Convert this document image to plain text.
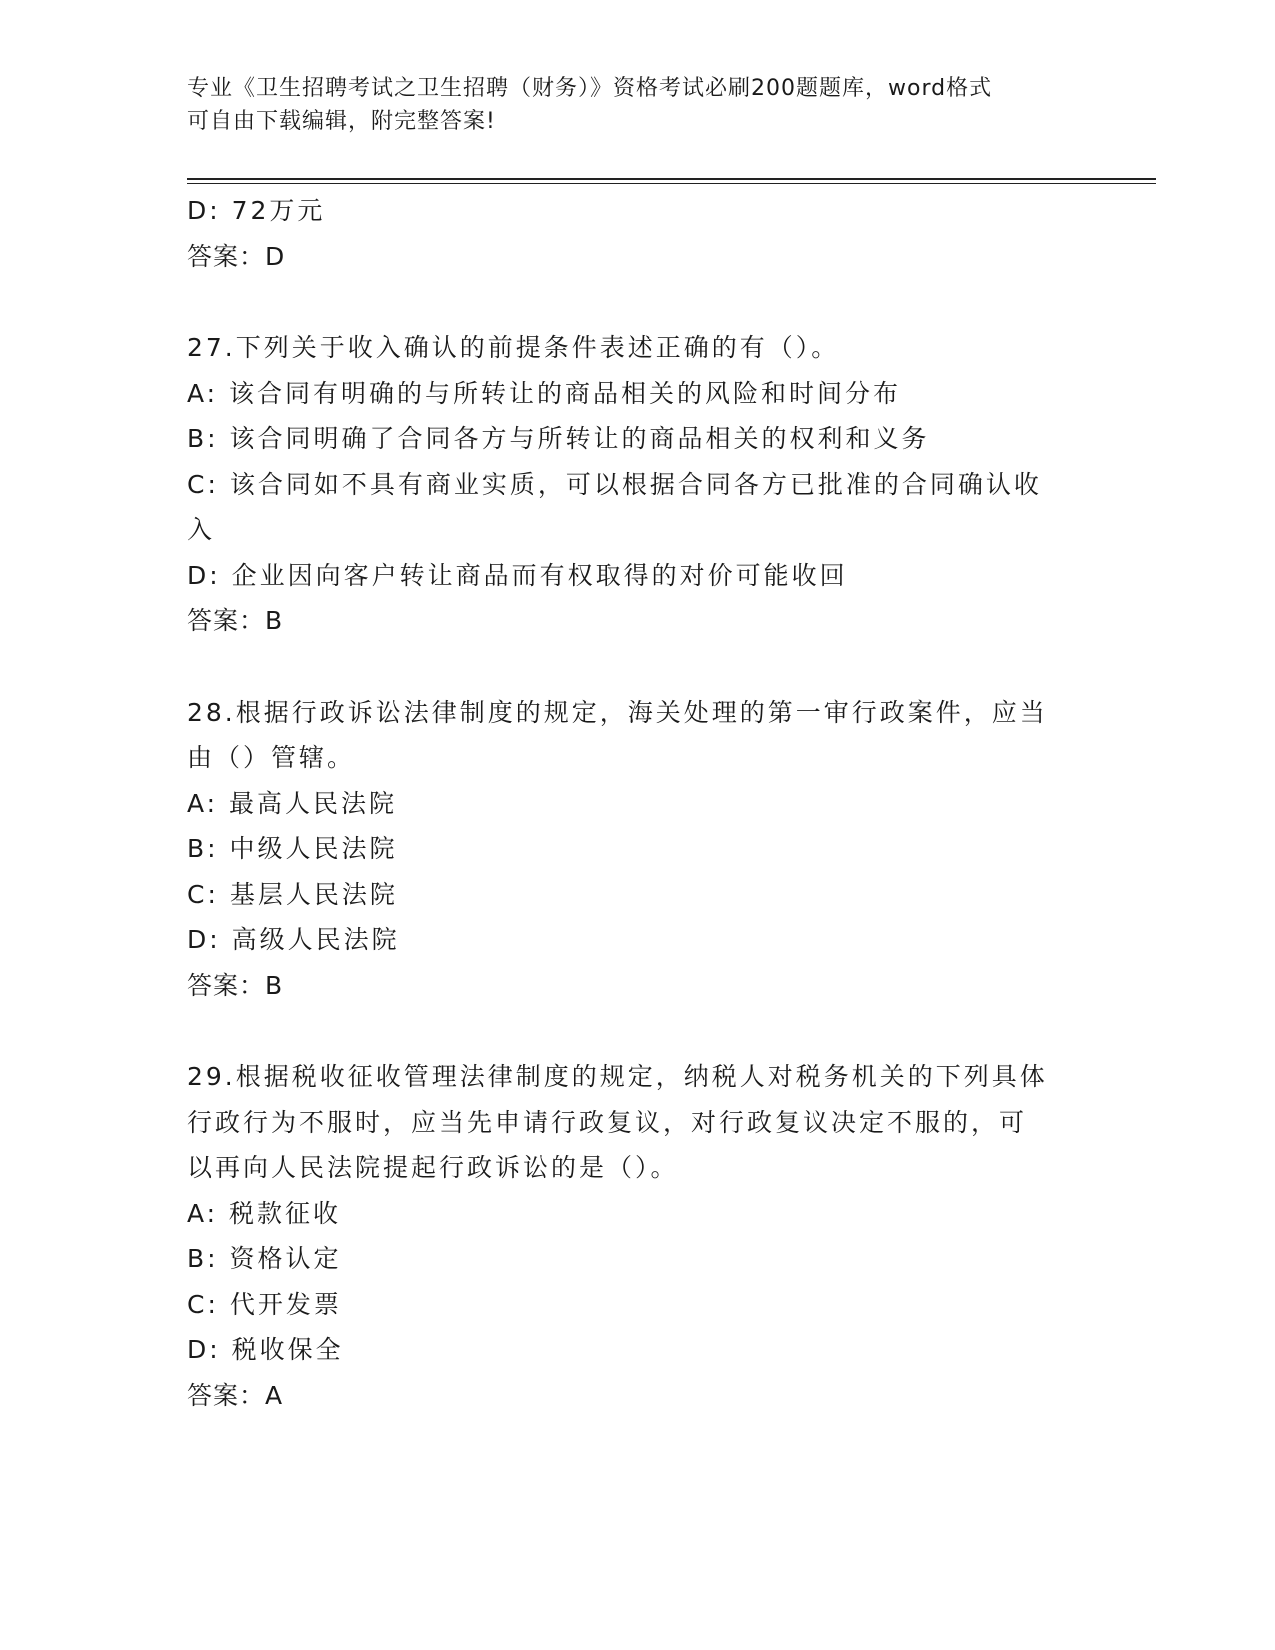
专业《卫生招聘考试之卫生招聘（财务）》资格考试必刷200题题库，word格式
可自由下载编辑，附完整答案!
D: 72万元
答案：D
27.下列关于收入确认的前提条件表述正确的有（）。
A: 该合同有明确的与所转让的商品相关的风险和时间分布
B: 该合同明确了合同各方与所转让的商品相关的权利和义务
C: 该合同如不具有商业实质，可以根据合同各方已批准的合同确认收
入
D: 企业因向客户转让商品而有权取得的对价可能收回
答案：B
28.根据行政诉讼法律制度的规定，海关处理的第一审行政案件，应当
由（）管辖。
A: 最高人民法院
B: 中级人民法院
C: 基层人民法院
D: 高级人民法院
答案：B
29.根据税收征收管理法律制度的规定，纳税人对税务机关的下列具体
行政行为不服时，应当先申请行政复议，对行政复议决定不服的，可
以再向人民法院提起行政诉讼的是（）。
A: 税款征收
B: 资格认定
C: 代开发票
D: 税收保全
答案：A
